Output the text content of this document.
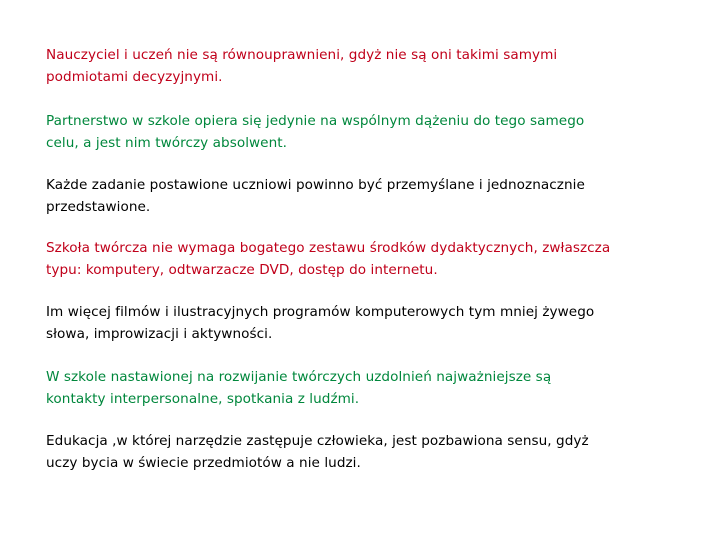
Nauczyciel i uczeń nie są równouprawnieni, gdyż nie są oni takimi samymi
podmiotami decyzyjnymi.

Partnerstwo w szkole opiera się jedynie na wspólnym dążeniu do tego samego
celu, a jest nim twórczy absolwent.

Każde zadanie postawione uczniowi powinno być przemyślane i jednoznacznie
przedstawione.

Szkoła twórcza nie wymaga bogatego zestawu środków dydaktycznych, zwłaszcza
typu: komputery, odtwarzacze DVD, dostęp do internetu.

Im więcej filmów i ilustracyjnych programów komputerowych tym mniej żywego
słowa, improwizacji i aktywności.

W szkole nastawionej na rozwijanie twórczych uzdolnień najważniejsze są
kontakty interpersonalne, spotkania z ludźmi.

Edukacja ,w której narzędzie zastępuje człowieka, jest pozbawiona sensu, gdyż
uczy bycia w świecie przedmiotów a nie ludzi.
